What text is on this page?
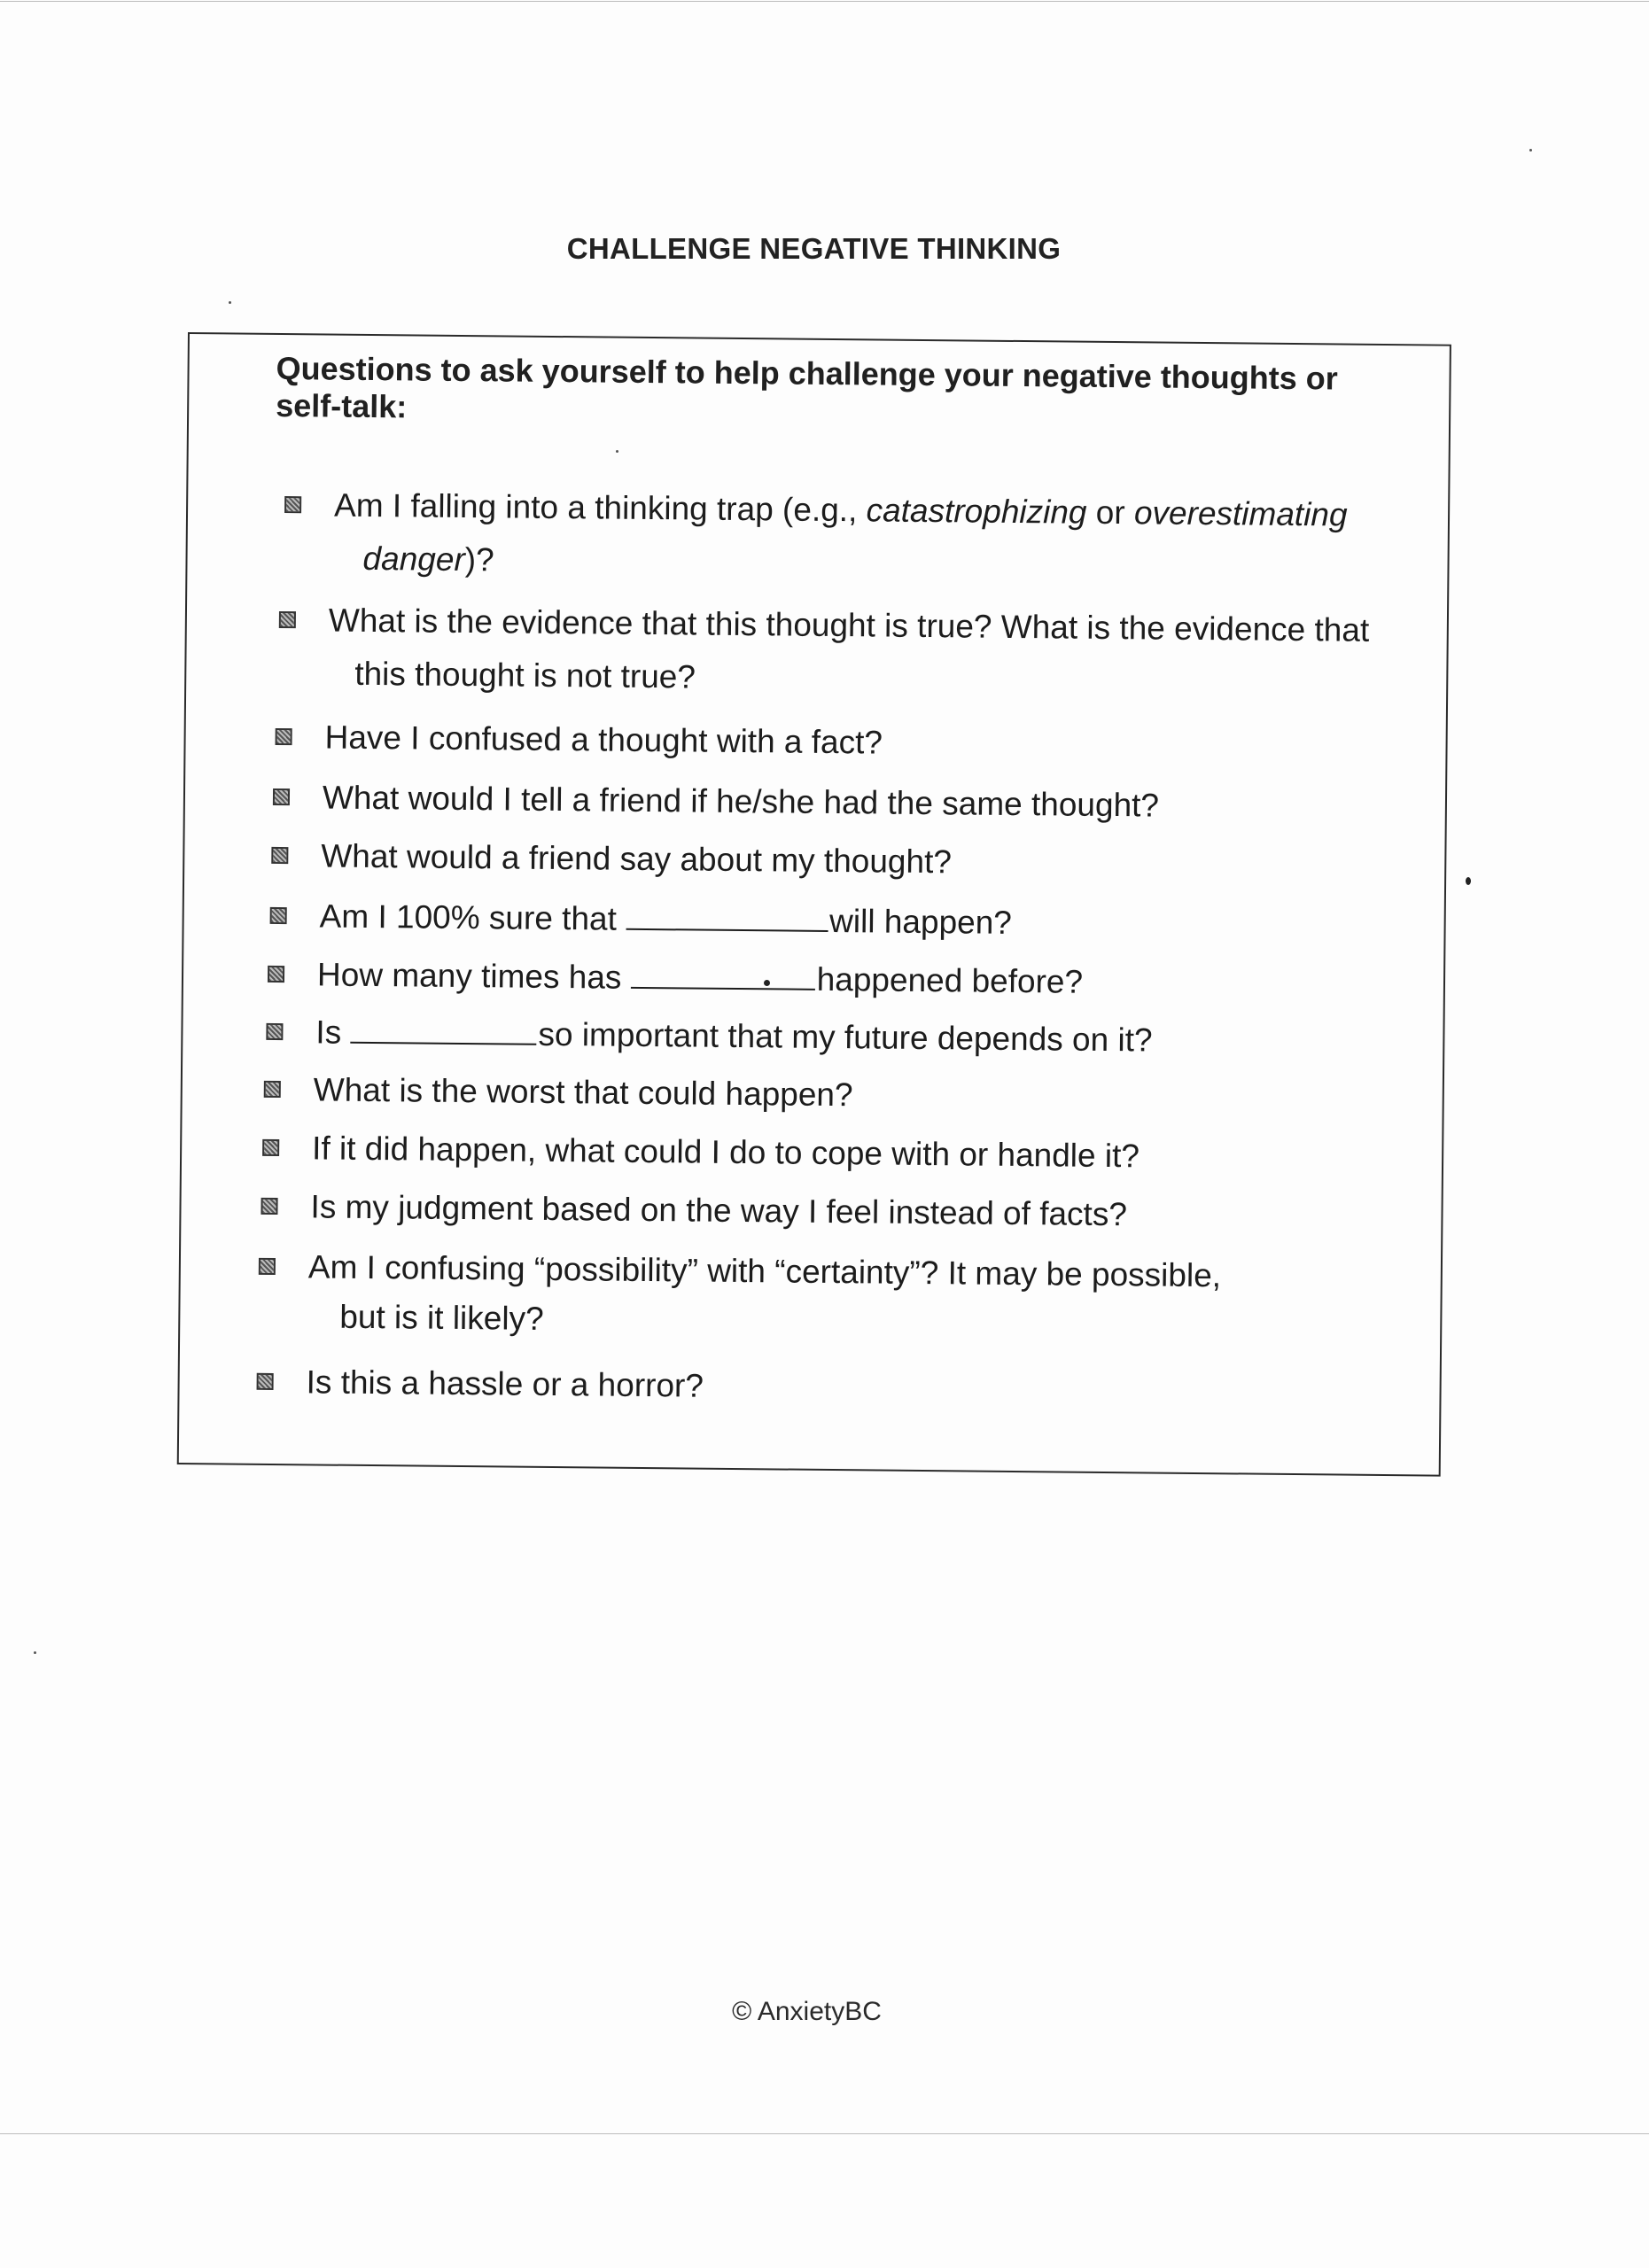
CHALLENGE NEGATIVE THINKING
Questions to ask yourself to help challenge your negative thoughts or self-talk:
Am I falling into a thinking trap (e.g., catastrophizing or overestimating
danger)?
What is the evidence that this thought is true? What is the evidence that
this thought is not true?
Have I confused a thought with a fact?
What would I tell a friend if he/she had the same thought?
What would a friend say about my thought?
Am I 100% sure that	will happen?
How many times has	happened before?
Is	so important that my future depends on it?
What is the worst that could happen?
If it did happen, what could I do to cope with or handle it?
Is my judgment based on the way I feel instead of facts?
Am I confusing “possibility” with “certainty”? It may be possible,
but is it likely?
Is this a hassle or a horror?
© AnxietyBC
